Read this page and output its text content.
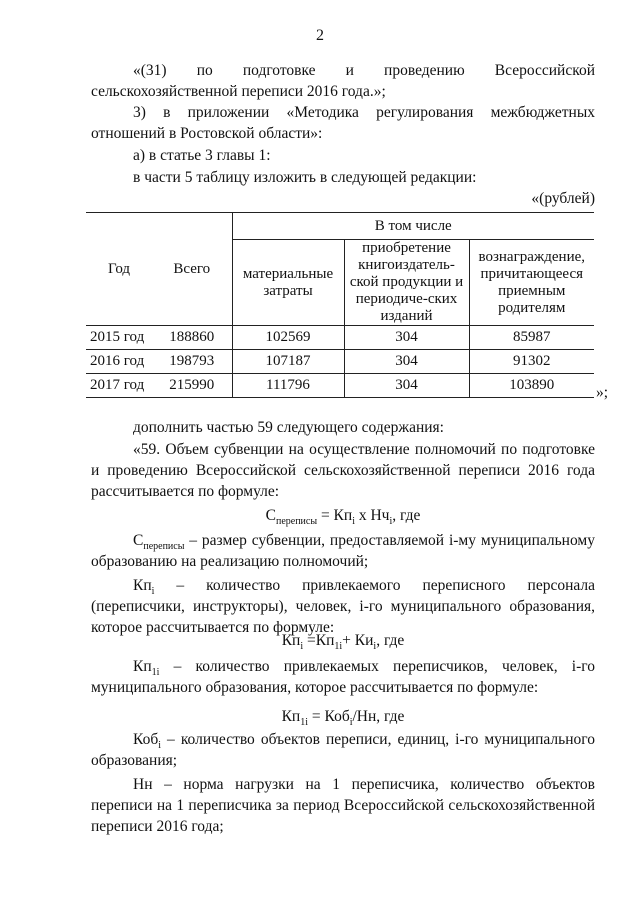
2
«(31) по подготовке и проведению Всероссийской сельскохозяйственной переписи 2016 года.»;
3) в приложении «Методика регулирования межбюджетных отношений в Ростовской области»:
а) в статье 3 главы 1:
в части 5 таблицу изложить в следующей редакции:
«(рублей)
Год	Всего	В том числе		
		материальные затраты	приобретение книгоиздатель-ской продукции и периодиче-ских изданий	вознаграждение, причитающееся приемным родителям
2015 год	188860	102569	304	85987
2016 год	198793	107187	304	91302
2017 год	215990	111796	304	103890	»;
дополнить частью 59 следующего содержания:
«59. Объем субвенции на осуществление полномочий по подготовке и проведению Всероссийской сельскохозяйственной переписи 2016 года рассчитывается по формуле:
$С_{переписы} = Кп_i$ х $Нч_i$, где
$С_{переписы}$ – размер субвенции, предоставляемой i-му муниципальному образованию на реализацию полномочий;
$Кп_i$ – количество привлекаемого переписного персонала (переписчики, инструкторы), человек, i-го муниципального образования, которое рассчитывается по формуле:
$Кп_i =Кп_{1i}+ Ки_i$, где
$Кп_{1i}$ – количество привлекаемых переписчиков, человек, i-го муниципального образования, которое рассчитывается по формуле:
$Кп_{1i} = Коб_i/Нн$, где
Коб$_i$ – количество объектов переписи, единиц, i-го муниципального образования;
Нн – норма нагрузки на 1 переписчика, количество объектов переписи на 1 переписчика за период Всероссийской сельскохозяйственной переписи 2016 года;
